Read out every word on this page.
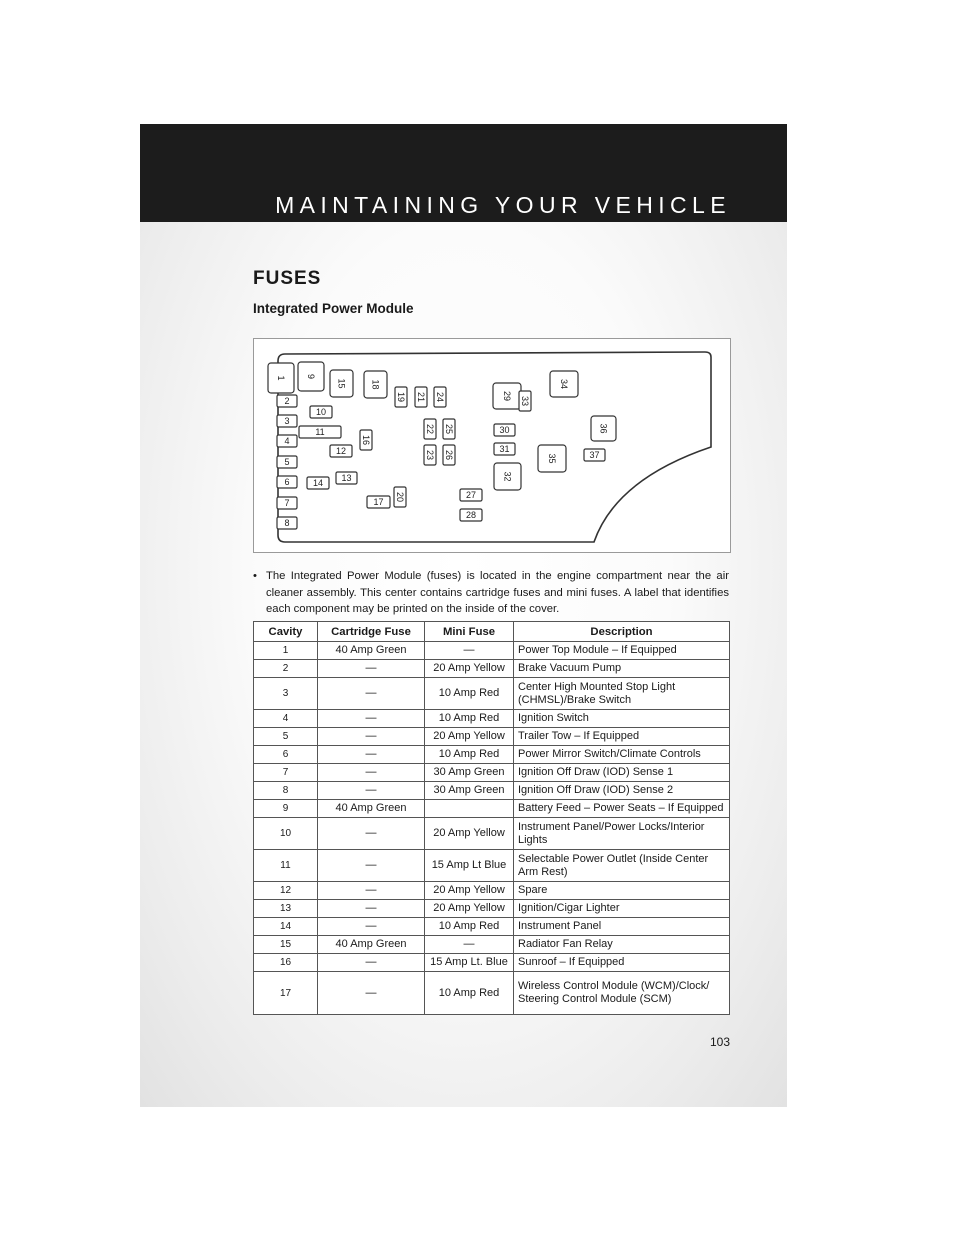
MAINTAINING YOUR VEHICLE
FUSES
Integrated Power Module
1 9
15	18
2
3
4
5
6
7
8
10
11
12
13
14
17
16
20
19 21 24
22 25
23 26
27
28
29 33
30
31
32
34
35
36
37
• The Integrated Power Module (fuses) is located in the engine compartment near the air cleaner assembly. This center contains cartridge fuses and mini fuses. A label that identifies each component may be printed on the inside of the cover.
Cavity	Cartridge Fuse	Mini Fuse	Description
1	40 Amp Green	—	Power Top Module – If Equipped
2	—	20 Amp Yellow	Brake Vacuum Pump
3	—	10 Amp Red	Center High Mounted Stop Light (CHMSL)/Brake Switch
4	—	10 Amp Red	Ignition Switch
5	—	20 Amp Yellow	Trailer Tow – If Equipped
6	—	10 Amp Red	Power Mirror Switch/Climate Controls
7	—	30 Amp Green	Ignition Off Draw (IOD) Sense 1
8	—	30 Amp Green	Ignition Off Draw (IOD) Sense 2
9	40 Amp Green		Battery Feed – Power Seats – If Equipped
10	—	20 Amp Yellow	Instrument Panel/Power Locks/Interior Lights
11	—	15 Amp Lt Blue	Selectable Power Outlet (Inside Center Arm Rest)
12	—	20 Amp Yellow	Spare
13	—	20 Amp Yellow	Ignition/Cigar Lighter
14	—	10 Amp Red	Instrument Panel
15	40 Amp Green	—	Radiator Fan Relay
16	—	15 Amp Lt. Blue	Sunroof – If Equipped
17	—	10 Amp Red	Wireless Control Module (WCM)/Clock/ Steering Control Module (SCM)
103
